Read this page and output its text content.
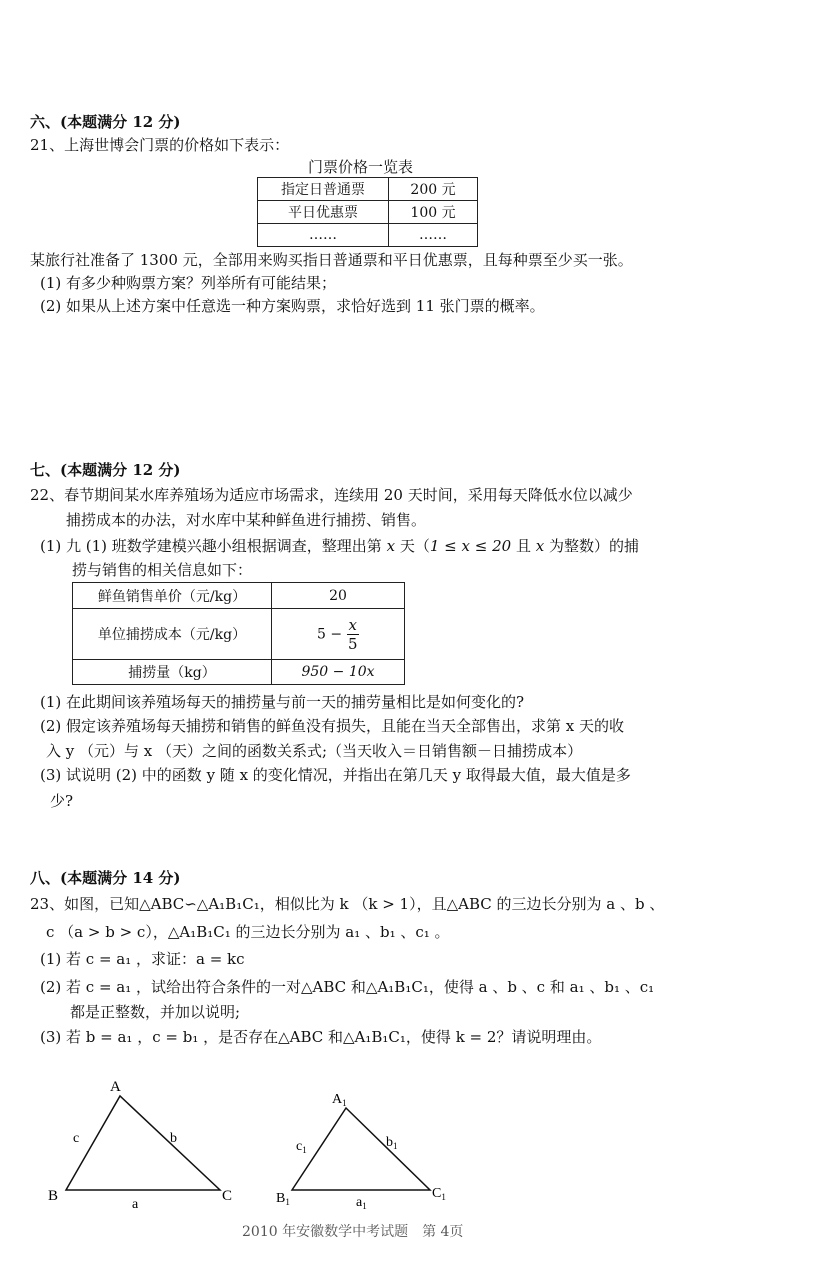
六、(本题满分 12 分)
21、上海世博会门票的价格如下表示：
门票价格一览表
指定日普通票	200 元
平日优惠票	100 元
……	……
某旅行社准备了 1300 元，全部用来购买指日普通票和平日优惠票，且每种票至少买一张。
(1) 有多少种购票方案？列举所有可能结果；
(2) 如果从上述方案中任意选一种方案购票，求恰好选到 11 张门票的概率。
七、(本题满分 12 分)
22、春节期间某水库养殖场为适应市场需求，连续用 20 天时间，采用每天降低水位以减少
捕捞成本的办法，对水库中某种鲜鱼进行捕捞、销售。
(1) 九 (1) 班数学建模兴趣小组根据调查，整理出第 x 天（1 ≤ x ≤ 20 且 x 为整数）的捕
捞与销售的相关信息如下：
鲜鱼销售单价（元/kg）	20
单位捕捞成本（元/kg）	$5 - \frac{x}{5}$

捕捞量（kg）	950 − 10x
(1) 在此期间该养殖场每天的捕捞量与前一天的捕劳量相比是如何变化的?
(2) 假定该养殖场每天捕捞和销售的鲜鱼没有损失，且能在当天全部售出，求第 x 天的收
入 y （元）与 x （天）之间的函数关系式;（当天收入＝日销售额－日捕捞成本）
(3) 试说明 (2) 中的函数 y 随 x 的变化情况，并指出在第几天 y 取得最大值，最大值是多
少?
八、(本题满分 14 分)
23、如图，已知△ABC∽△A₁B₁C₁，相似比为 k （k > 1），且△ABC 的三边长分别为 a 、b 、
c （a > b > c），△A₁B₁C₁ 的三边长分别为 a₁ 、b₁ 、c₁ 。
(1) 若 c = a₁ ，求证：a = kc
(2) 若 c = a₁ ，试给出符合条件的一对△ABC 和△A₁B₁C₁，使得 a 、b 、c 和 a₁ 、b₁ 、c₁
都是正整数，并加以说明;
(3) 若 b = a₁ ，c = b₁ ，是否存在△ABC 和△A₁B₁C₁，使得 k = 2？请说明理由。
A
B	C
a
b
c
$A_1$
$B_1$
$C_1$
$a_1$
$b_1$
$c_1$
2010 年安徽数学中考试题　第 4页
